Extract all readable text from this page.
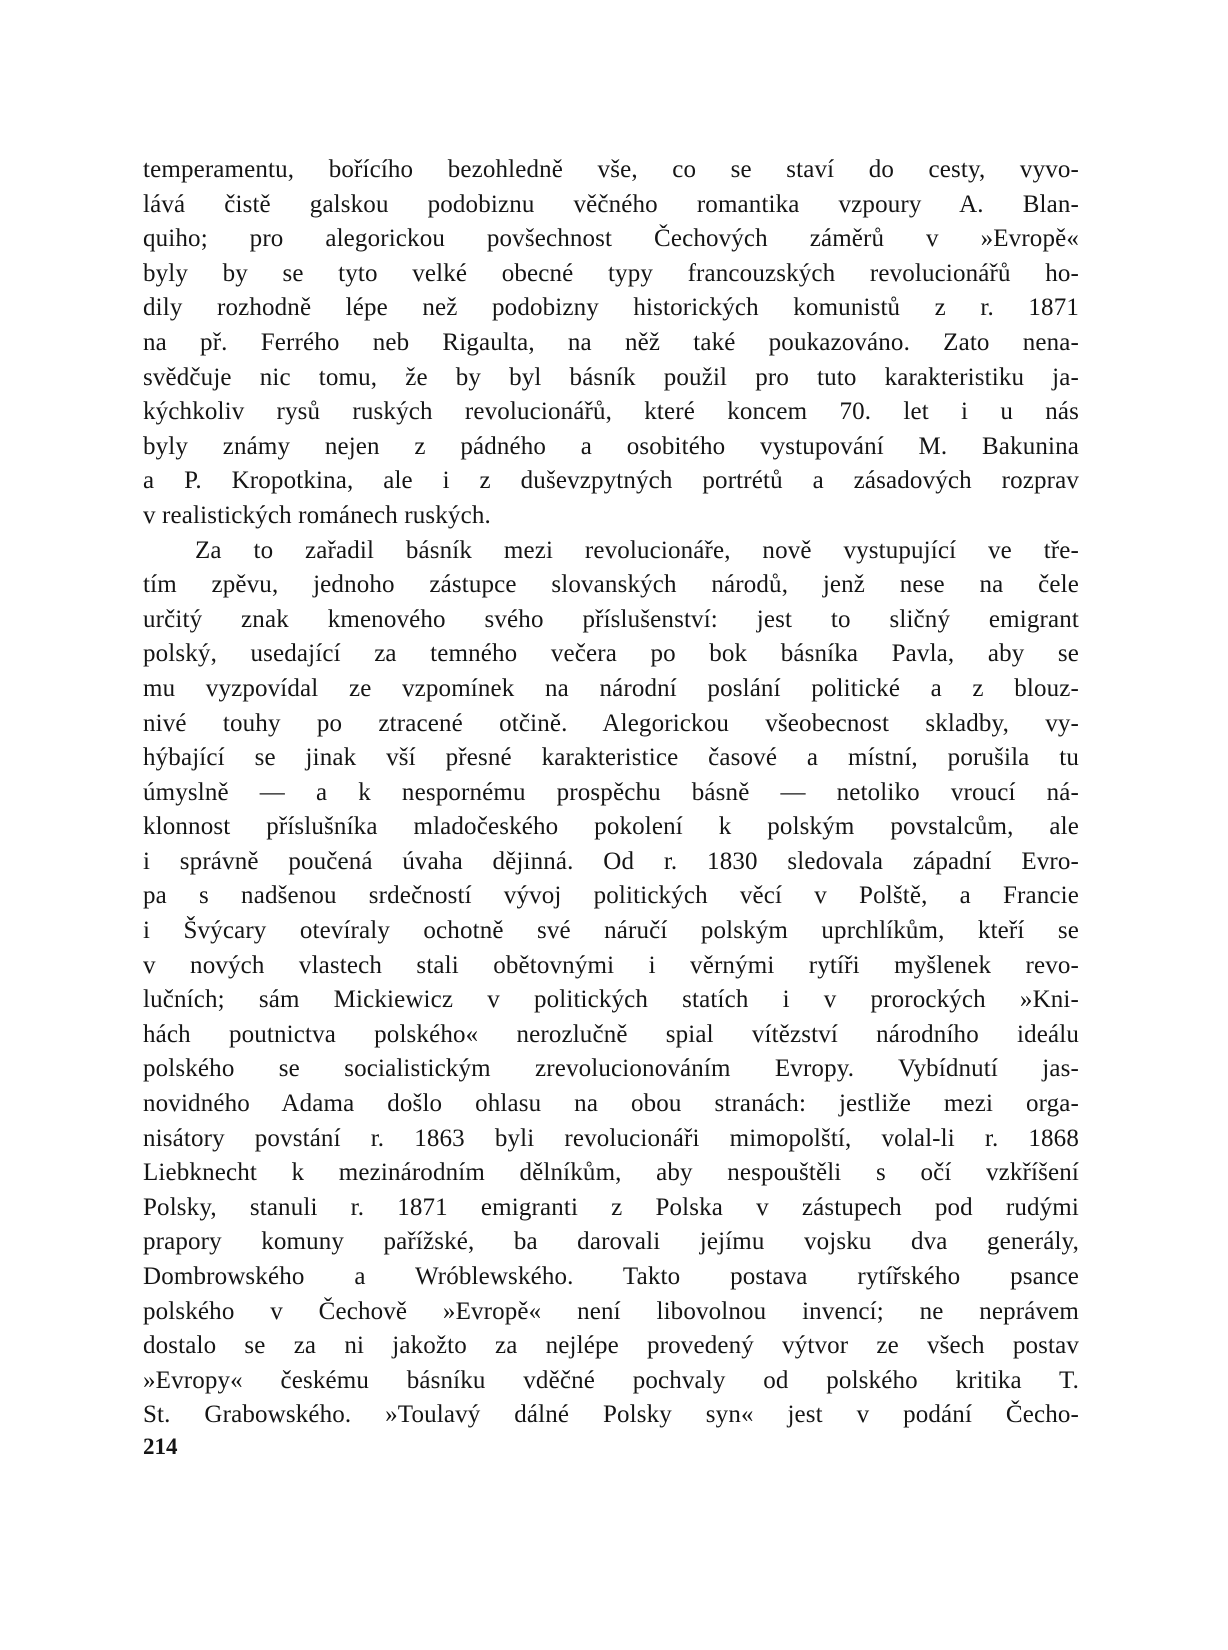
temperamentu, bořícího bezohledně vše, co se staví do cesty, vyvo-
lává čistě galskou podobiznu věčného romantika vzpoury A. Blan-
quiho; pro alegorickou povšechnost Čechových záměrů v »Evropě«
byly by se tyto velké obecné typy francouzských revolucionářů ho-
dily rozhodně lépe než podobizny historických komunistů z r. 1871
na př. Ferrého neb Rigaulta, na něž také poukazováno. Zato nena-
svědčuje nic tomu, že by byl básník použil pro tuto karakteristiku ja-
kýchkoliv rysů ruských revolucionářů, které koncem 70. let i u nás
byly známy nejen z pádného a osobitého vystupování M. Bakunina
a P. Kropotkina, ale i z duševzpytných portrétů a zásadových rozprav
v realistických románech ruských.
Za to zařadil básník mezi revolucionáře, nově vystupující ve tře-
tím zpěvu, jednoho zástupce slovanských národů, jenž nese na čele
určitý znak kmenového svého příslušenství: jest to sličný emigrant
polský, usedající za temného večera po bok básníka Pavla, aby se
mu vyzpovídal ze vzpomínek na národní poslání politické a z blouz-
nivé touhy po ztracené otčině. Alegorickou všeobecnost skladby, vy-
hýbající se jinak vší přesné karakteristice časové a místní, porušila tu
úmyslně — a k nespornému prospěchu básně — netoliko vroucí ná-
klonnost příslušníka mladočeského pokolení k polským povstalcům, ale
i správně poučená úvaha dějinná. Od r. 1830 sledovala západní Evro-
pa s nadšenou srdečností vývoj politických věcí v Polště, a Francie
i Švýcary otevíraly ochotně své náručí polským uprchlíkům, kteří se
v nových vlastech stali obětovnými i věrnými rytíři myšlenek revo-
lučních; sám Mickiewicz v politických statích i v prorockých »Kni-
hách poutnictva polského« nerozlučně spial vítězství národního ideálu
polského se socialistickým zrevolucionováním Evropy. Vybídnutí jas-
novidného Adama došlo ohlasu na obou stranách: jestliže mezi orga-
nisátory povstání r. 1863 byli revolucionáři mimopolští, volal-li r. 1868
Liebknecht k mezinárodním dělníkům, aby nespouštěli s očí vzkříšení
Polsky, stanuli r. 1871 emigranti z Polska v zástupech pod rudými
prapory komuny pařížské, ba darovali jejímu vojsku dva generály,
Dombrowského a Wróblewského. Takto postava rytířského psance
polského v Čechově »Evropě« není libovolnou invencí; ne neprávem
dostalo se za ni jakožto za nejlépe provedený výtvor ze všech postav
»Evropy« českému básníku vděčné pochvaly od polského kritika T.
St. Grabowského. »Toulavý dálné Polsky syn« jest v podání Čecho-
214
